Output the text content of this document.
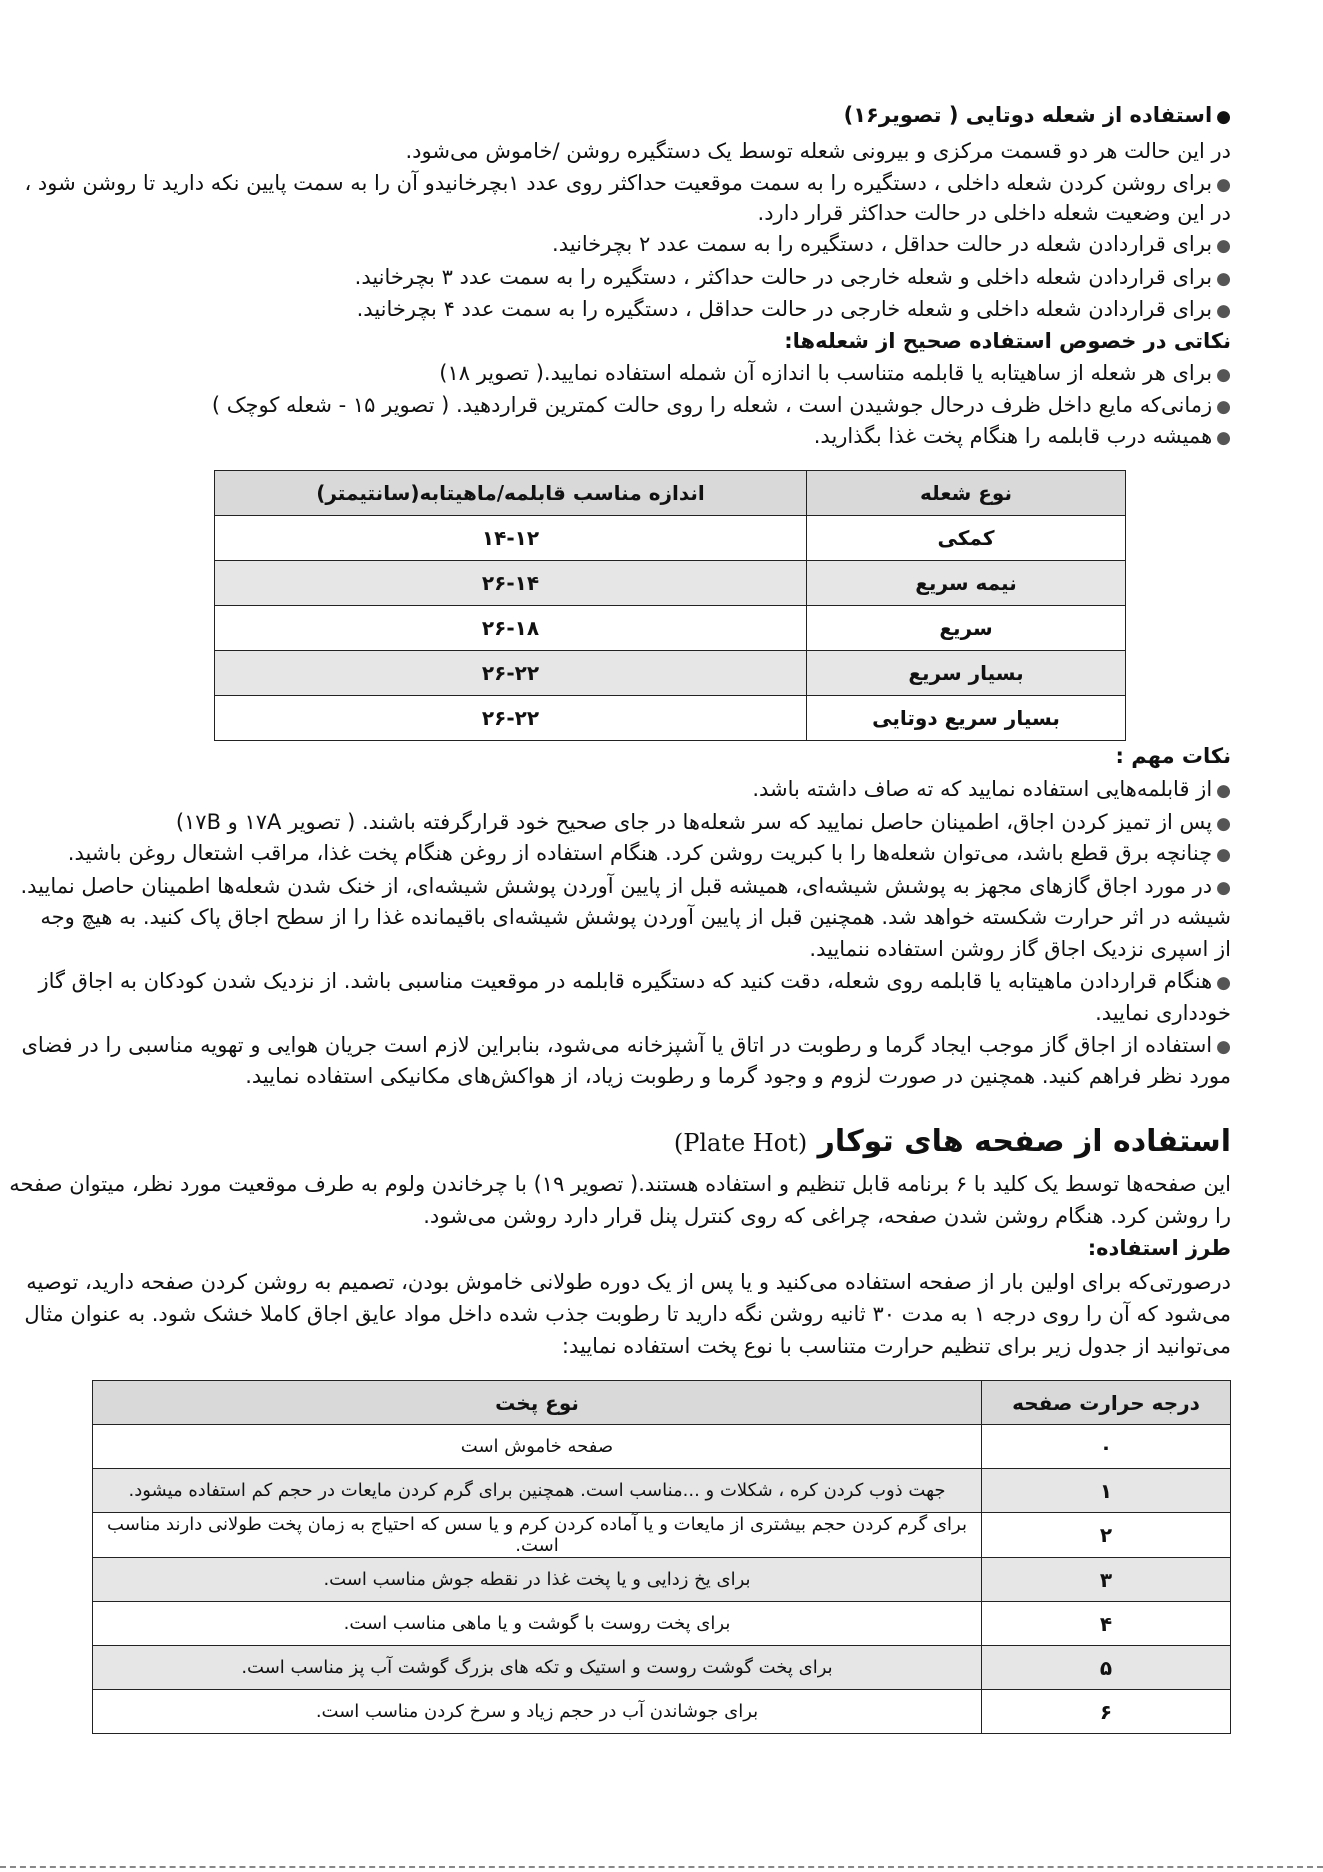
● استفاده از شعله دوتایی ( تصویر۱۶)
در این حالت هر دو قسمت مرکزی و بیرونی شعله توسط یک دستگیره روشن /خاموش می‌شود.
● برای روشن کردن شعله داخلی ، دستگیره را به سمت موقعیت حداکثر روی عدد ۱بچرخانیدو آن را به سمت پایین نکه دارید تا روشن شود ،
در این وضعیت شعله داخلی در حالت حداکثر قرار دارد.
● برای قراردادن شعله در حالت حداقل ، دستگیره را به سمت عدد ۲ بچرخانید.
● برای قراردادن شعله داخلی و شعله خارجی در حالت حداکثر ، دستگیره را به سمت عدد ۳ بچرخانید.
● برای قراردادن شعله داخلی و شعله خارجی در حالت حداقل ، دستگیره را به سمت عدد ۴ بچرخانید.
نکاتی در خصوص استفاده صحیح از شعله‌ها:
● برای هر شعله از ساهیتابه یا قابلمه متناسب با اندازه آن شمله استفاده نمایید.( تصویر ۱۸)
● زمانی‌که مایع داخل ظرف درحال جوشیدن است ، شعله را روی حالت کمترین قراردهید. ( تصویر ۱۵ - شعله کوچک )
● همیشه درب قابلمه را هنگام پخت غذا بگذارید.
نوع شعله	اندازه مناسب قابلمه/ماهیتابه(سانتیمتر)
کمکی	۱۴-۱۲
نیمه سریع	۲۶-۱۴
سریع	۲۶-۱۸
بسیار سریع	۲۶-۲۲
بسیار سریع دوتایی	۲۶-۲۲
نکات مهم :
● از قابلمه‌هایی استفاده نمایید که ته صاف داشته باشد.
● پس از تمیز کردن اجاق، اطمینان حاصل نمایید که سر شعله‌ها در جای صحیح خود قرارگرفته باشند. ( تصویر ۱۷A و ۱۷B)
● چنانچه برق قطع باشد، می‌توان شعله‌ها را با کبریت روشن کرد. هنگام استفاده از روغن هنگام پخت غذا، مراقب اشتعال روغن باشید.
● در مورد اجاق گازهای مجهز به پوشش شیشه‌ای، همیشه قبل از پایین آوردن پوشش شیشه‌ای، از خنک شدن شعله‌ها اطمینان حاصل نمایید.
شیشه در اثر حرارت شکسته خواهد شد. همچنین قبل از پایین آوردن پوشش شیشه‌ای باقیمانده غذا را از سطح اجاق پاک کنید. به هیچ وجه
از اسپری نزدیک اجاق گاز روشن استفاده ننمایید.
● هنگام قراردادن ماهیتابه یا قابلمه روی شعله، دقت کنید که دستگیره قابلمه در موقعیت مناسبی باشد. از نزدیک شدن کودکان به اجاق گاز
خودداری نمایید.
● استفاده از اجاق گاز موجب ایجاد گرما و رطوبت در اتاق یا آشپزخانه می‌شود، بنابراین لازم است جریان هوایی و تهویه مناسبی را در فضای
مورد نظر فراهم کنید. همچنین در صورت لزوم و وجود گرما و رطوبت زیاد، از هواکش‌های مکانیکی استفاده نمایید.
استفاده از صفحه های توکار (Plate Hot)
این صفحه‌ها توسط یک کلید با ۶ برنامه قابل تنظیم و استفاده هستند.( تصویر ۱۹) با چرخاندن ولوم به طرف موقعیت مورد نظر، میتوان صفحه
را روشن کرد. هنگام روشن شدن صفحه، چراغی که روی کنترل پنل قرار دارد روشن می‌شود.
طرز استفاده:
درصورتی‌که برای اولین بار از صفحه استفاده می‌کنید و یا پس از یک دوره طولانی خاموش بودن، تصمیم به روشن کردن صفحه دارید، توصیه
می‌شود که آن را روی درجه ۱ به مدت ۳۰ ثانیه روشن نگه دارید تا رطوبت جذب شده داخل مواد عایق اجاق کاملا خشک شود. به عنوان مثال
می‌توانید از جدول زیر برای تنظیم حرارت متناسب با نوع پخت استفاده نمایید:
درجه حرارت صفحه	نوع پخت
۰	صفحه خاموش است
۱	جهت ذوب کردن کره ، شکلات و ...مناسب است. همچنین برای گرم کردن مایعات در حجم کم استفاده میشود.
۲	برای گرم کردن حجم بیشتری از مایعات و یا آماده کردن کرم و یا سس که احتیاج به زمان پخت طولانی دارند مناسب است.
۳	برای یخ زدایی و یا پخت غذا در نقطه جوش مناسب است.
۴	برای پخت روست با گوشت و یا ماهی مناسب است.
۵	برای پخت گوشت روست و استیک و تکه های بزرگ گوشت آب پز مناسب است.
۶	برای جوشاندن آب در حجم زیاد و سرخ کردن مناسب است.
